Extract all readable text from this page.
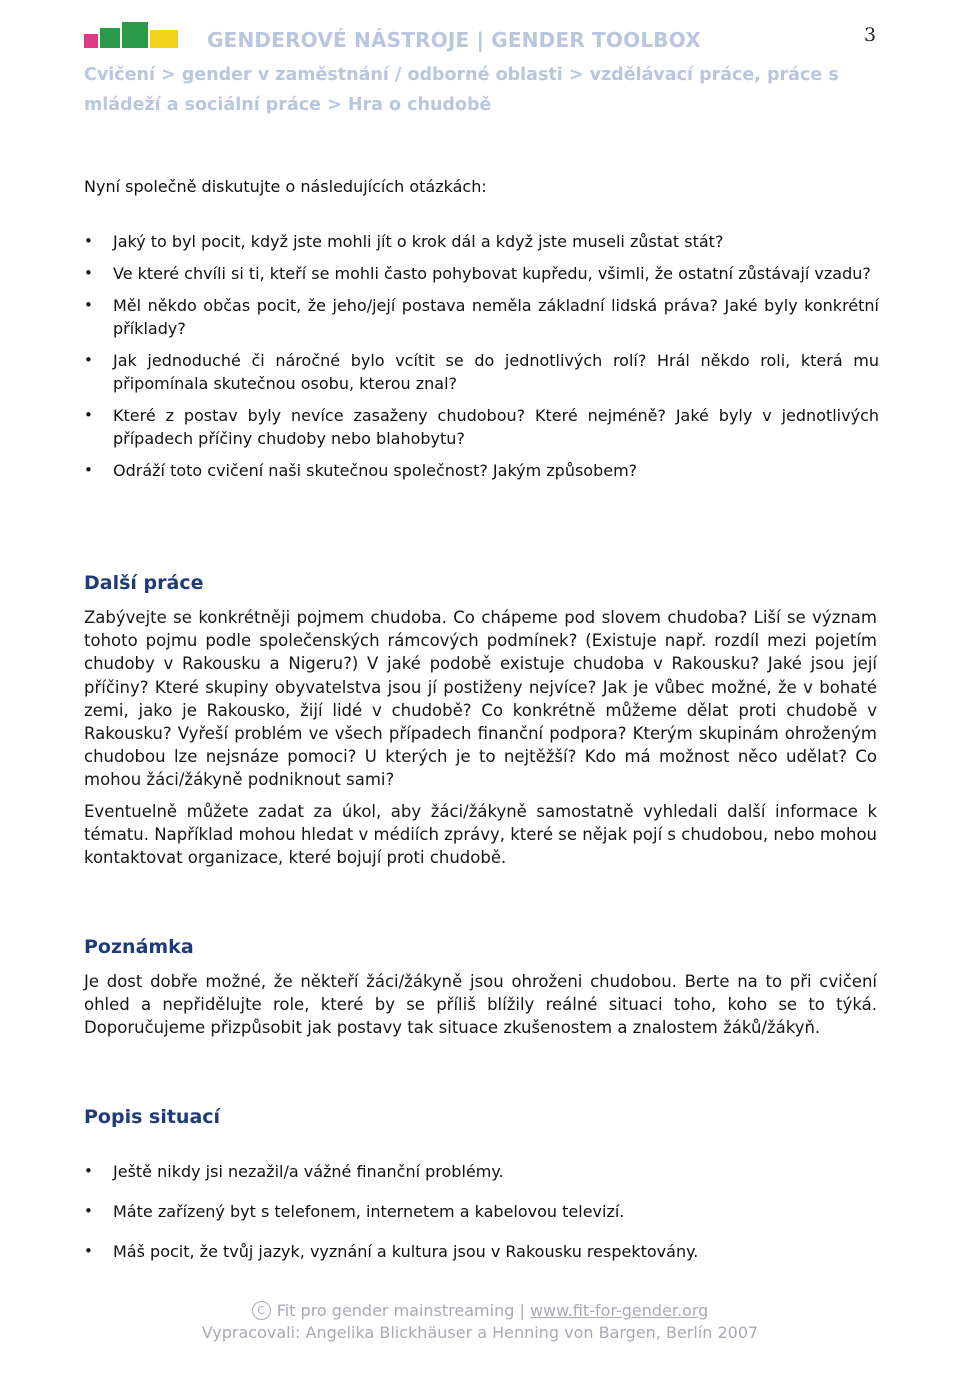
GENDEROVÉ NÁSTROJE | GENDER TOOLBOX	3
Cvičení > gender v zaměstnání / odborné oblasti > vzdělávací práce, práce s
mládeží a sociální práce > Hra o chudobě
Nyní společně diskutujte o následujících otázkách:
• Jaký to byl pocit, když jste mohli jít o krok dál a když jste museli zůstat stát?
• Ve které chvíli si ti, kteří se mohli často pohybovat kupředu, všimli, že ostatní zůstávají vzadu?
• Měl někdo občas pocit, že jeho/její postava neměla základní lidská práva? Jaké byly konkrétní příklady?
• Jak jednoduché či náročné bylo vcítit se do jednotlivých rolí? Hrál někdo roli, která mu připomínala skutečnou osobu, kterou znal?
• Které z postav byly nevíce zasaženy chudobou? Které nejméně? Jaké byly v jednotlivých případech příčiny chudoby nebo blahobytu?
• Odráží toto cvičení naši skutečnou společnost? Jakým způsobem?
Další práce

Zabývejte se konkrétněji pojmem chudoba. Co chápeme pod slovem chudoba? Liší se význam tohoto pojmu podle společenských rámcových podmínek? (Existuje např. rozdíl mezi pojetím chudoby v Rakousku a Nigeru?) V jaké podobě existuje chudoba v Rakousku? Jaké jsou její příčiny? Které skupiny obyvatelstva jsou jí postiženy nejvíce? Jak je vůbec možné, že v bohaté zemi, jako je Rakousko, žijí lidé v chudobě? Co konkrétně můžeme dělat proti chudobě v Rakousku? Vyřeší problém ve všech případech finanční podpora? Kterým skupinám ohroženým chudobou lze nejsnáze pomoci? U kterých je to nejtěžší? Kdo má možnost něco udělat? Co mohou žáci/žákyně podniknout sami?

Eventuelně můžete zadat za úkol, aby žáci/žákyně samostatně vyhledali další informace k tématu. Například mohou hledat v médiích zprávy, které se nějak pojí s chudobou, nebo mohou kontaktovat organizace, které bojují proti chudobě.

Poznámka

Je dost dobře možné, že někteří žáci/žákyně jsou ohroženi chudobou. Berte na to při cvičení ohled a nepřidělujte role, které by se příliš blížily reálné situaci toho, koho se to týká. Doporučujeme přizpůsobit jak postavy tak situace zkušenostem a znalostem žáků/žákyň.

Popis situací
• Ještě nikdy jsi nezažil/a vážné finanční problémy.
• Máte zařízený byt s telefonem, internetem a kabelovou televizí.
• Máš pocit, že tvůj jazyk, vyznání a kultura jsou v Rakousku respektovány.
C Fit pro gender mainstreaming | www.fit-for-gender.org
Vypracovali: Angelika Blickhäuser a Henning von Bargen, Berlín 2007
